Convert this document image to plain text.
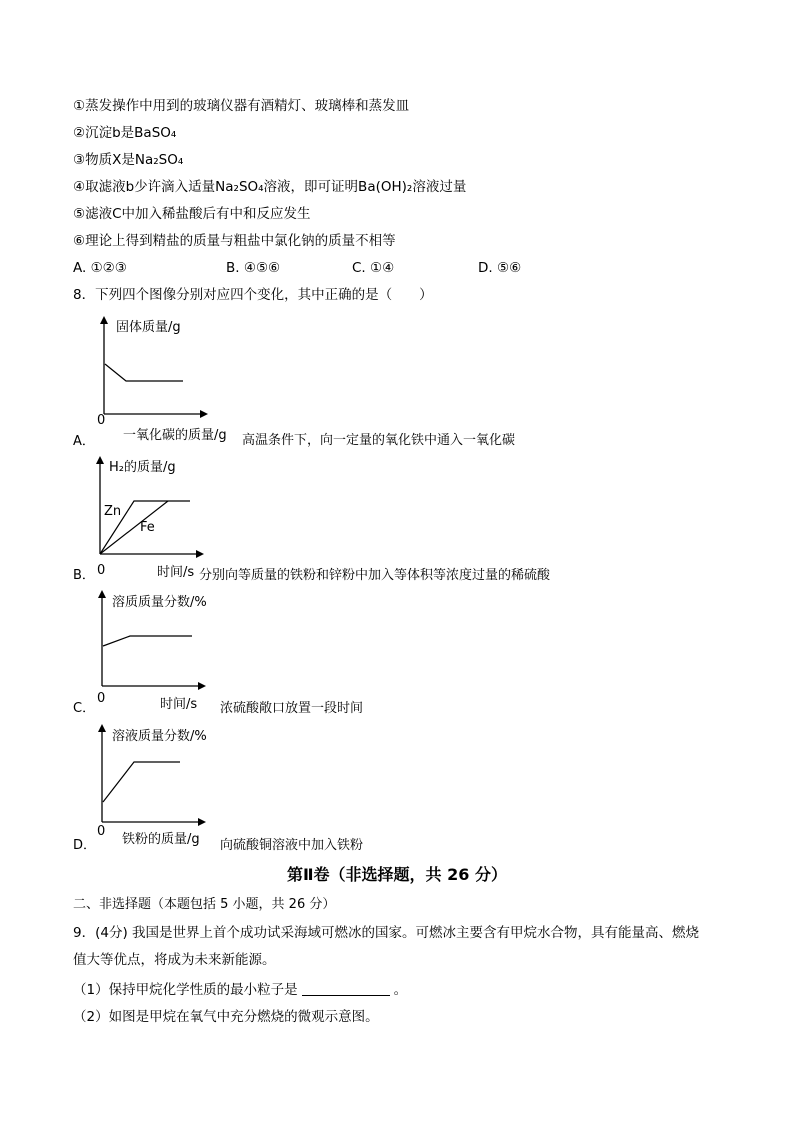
①蒸发操作中用到的玻璃仪器有酒精灯、玻璃棒和蒸发皿
②沉淀b是BaSO₄
③物质X是Na₂SO₄
④取滤液b少许滴入适量Na₂SO₄溶液，即可证明Ba(OH)₂溶液过量
⑤滤液C中加入稀盐酸后有中和反应发生
⑥理论上得到精盐的质量与粗盐中氯化钠的质量不相等
A. ①②③	B. ④⑤⑥	C. ①④	D. ⑤⑥
8．下列四个图像分别对应四个变化，其中正确的是（　　）
固体质量/g
0
A． 一氧化碳的质量/g 高温条件下，向一定量的氧化铁中通入一氧化碳
H₂的质量/g
Zn
Fe
B． 0	时间/s 分别向等质量的铁粉和锌粉中加入等体积等浓度过量的稀硫酸
溶质质量分数/%
0
C．	时间/s 浓硫酸敞口放置一段时间
溶液质量分数/%
0
D． 铁粉的质量/g 向硫酸铜溶液中加入铁粉
第Ⅱ卷（非选择题，共 26 分）
二、非选择题（本题包括 5 小题，共 26 分）
9．(4分) 我国是世界上首个成功试采海域可燃冰的国家。可燃冰主要含有甲烷水合物，具有能量高、燃烧
值大等优点，将成为未来新能源。
（1）保持甲烷化学性质的最小粒子是	。
（2）如图是甲烷在氧气中充分燃烧的微观示意图。
